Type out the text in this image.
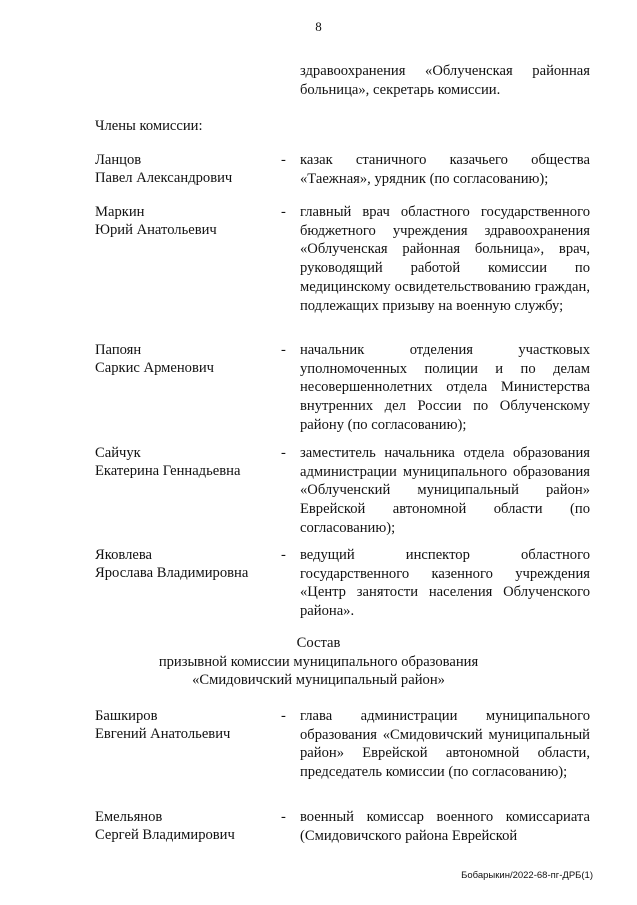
8
здравоохранения «Облученская районная больница», секретарь комиссии.
Члены комиссии:
Ланцов
Павел Александрович
- казак станичного казачьего общества «Таежная», урядник (по согласованию);
Маркин
Юрий Анатольевич
- главный врач областного государственного бюджетного учреждения здравоохранения «Облученская районная больница», врач, руководящий работой комиссии по медицинскому освидетельствованию граждан, подлежащих призыву на военную службу;
Папоян
Саркис Арменович
- начальник отделения участковых уполномоченных полиции и по делам несовершеннолетних отдела Министерства внутренних дел России по Облученскому району (по согласованию);
Сайчук
Екатерина Геннадьевна
- заместитель начальника отдела образования администрации муниципального образования «Облученский муниципальный район» Еврейской автономной области (по согласованию);
Яковлева
Ярослава Владимировна
- ведущий инспектор областного государственного казенного учреждения «Центр занятости населения Облученского района».
Состав
призывной комиссии муниципального образования
«Смидовичский муниципальный район»
Башкиров
Евгений Анатольевич
- глава администрации муниципального образования «Смидовичский муниципальный район» Еврейской автономной области, председатель комиссии (по согласованию);
Емельянов
Сергей Владимирович
- военный комиссар военного комиссариата (Смидовичского района Еврейской
Бобарыкин/2022-68-пг-ДРБ(1)
